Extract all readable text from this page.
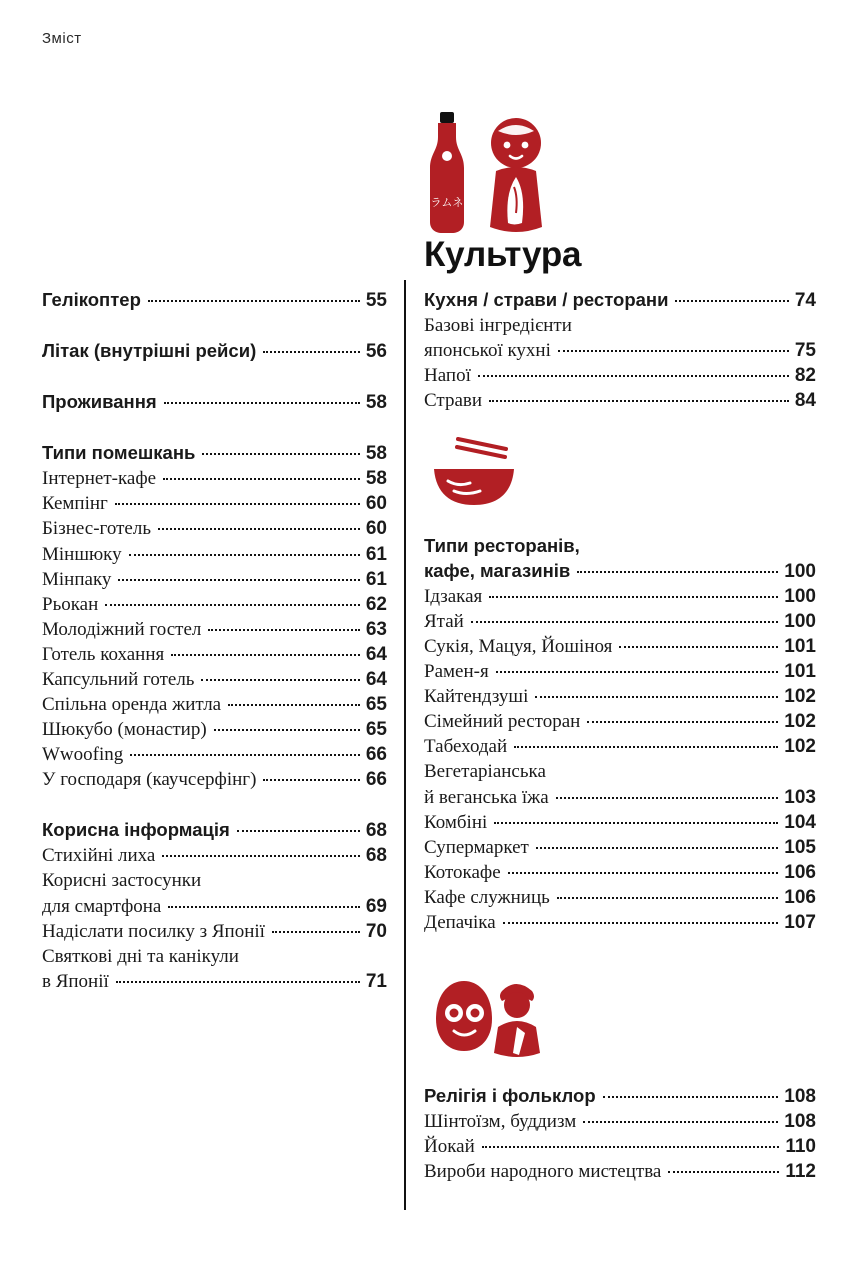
Зміст
ラムネ
Культура
Гелікоптер	55
Літак (внутрішні рейси)	56
Проживання	58
Типи помешкань	58
Інтернет-кафе	58
Кемпінг	60
Бізнес-готель	60
Міншюку	61
Мінпаку	61
Рьокан	62
Молодіжний гостел	63
Готель кохання	64
Капсульний готель	64
Спільна оренда житла	65
Шюкубо (монастир)	65
Wwoofing	66
У господаря (каучсерфінг)	66
Корисна інформація	68
Стихійні лиха	68
Корисні застосунки
для смартфона	69
Надіслати посилку з Японії	70
Святкові дні та канікули
в Японії	71
Кухня / страви / ресторани	74
Базові інгредієнти
японської кухні	75
Напої	82
Страви	84
Типи ресторанів,
кафе, магазинів	100
Ідзакая	100
Ятай	100
Сукія, Мацуя, Йошіноя	101
Рамен-я	101
Кайтендзуші	102
Сімейний ресторан	102
Табеходай	102
Вегетаріанська
й веганська їжа	103
Комбіні	104
Супермаркет	105
Котокафе	106
Кафе служниць	106
Депачіка	107
Релігія і фольклор	108
Шінтоїзм, буддизм	108
Йокай	110
Вироби народного мистецтва	112
